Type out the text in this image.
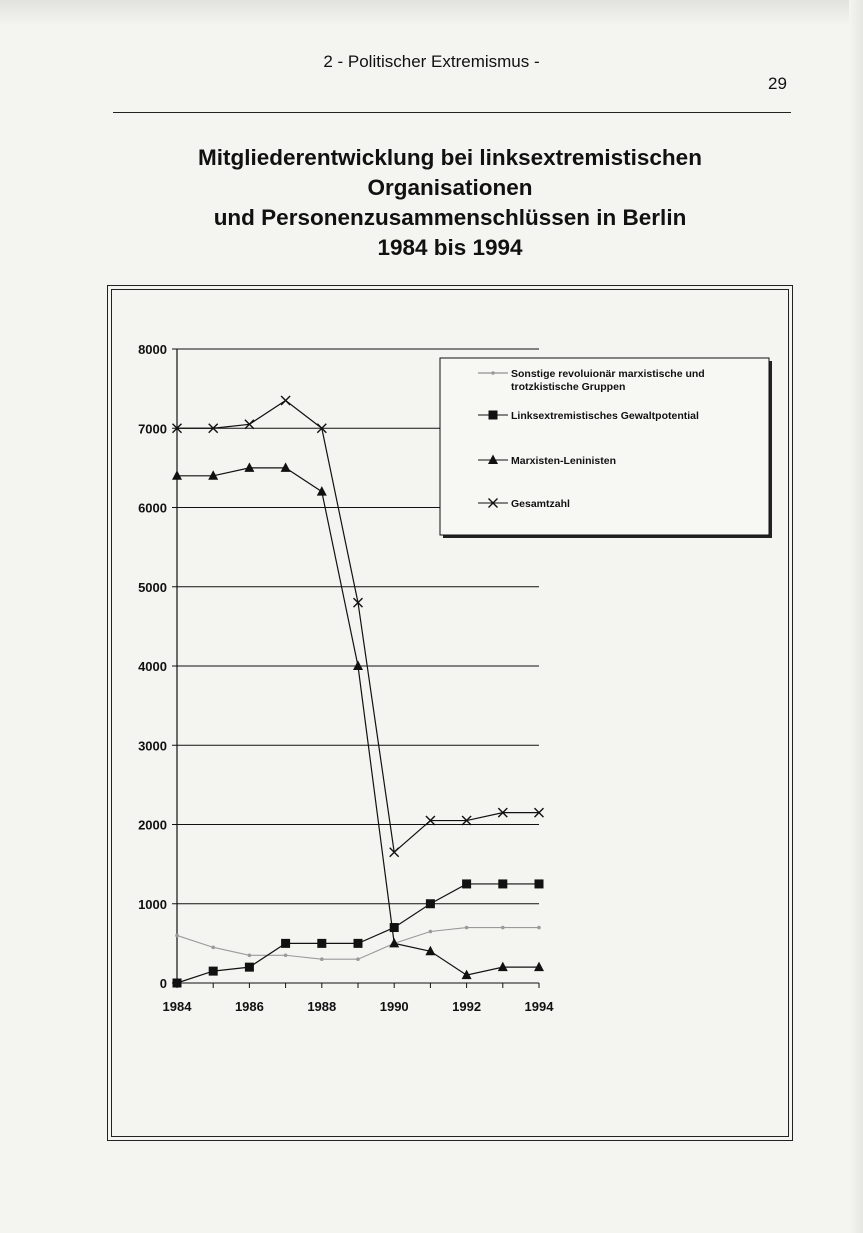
2 - Politischer Extremismus -
29
Mitgliederentwicklung bei linksextremistischen
Organisationen
und Personenzusammenschlüssen in Berlin
1984 bis 1994
0
1000
2000
3000
4000
5000
6000
7000
8000
1984	1986	1988	1990	1992	1994
Sonstige revoluionär marxistische und
trotzkistische Gruppen
Linksextremistisches Gewaltpotential
Marxisten-Leninisten
Gesamtzahl
